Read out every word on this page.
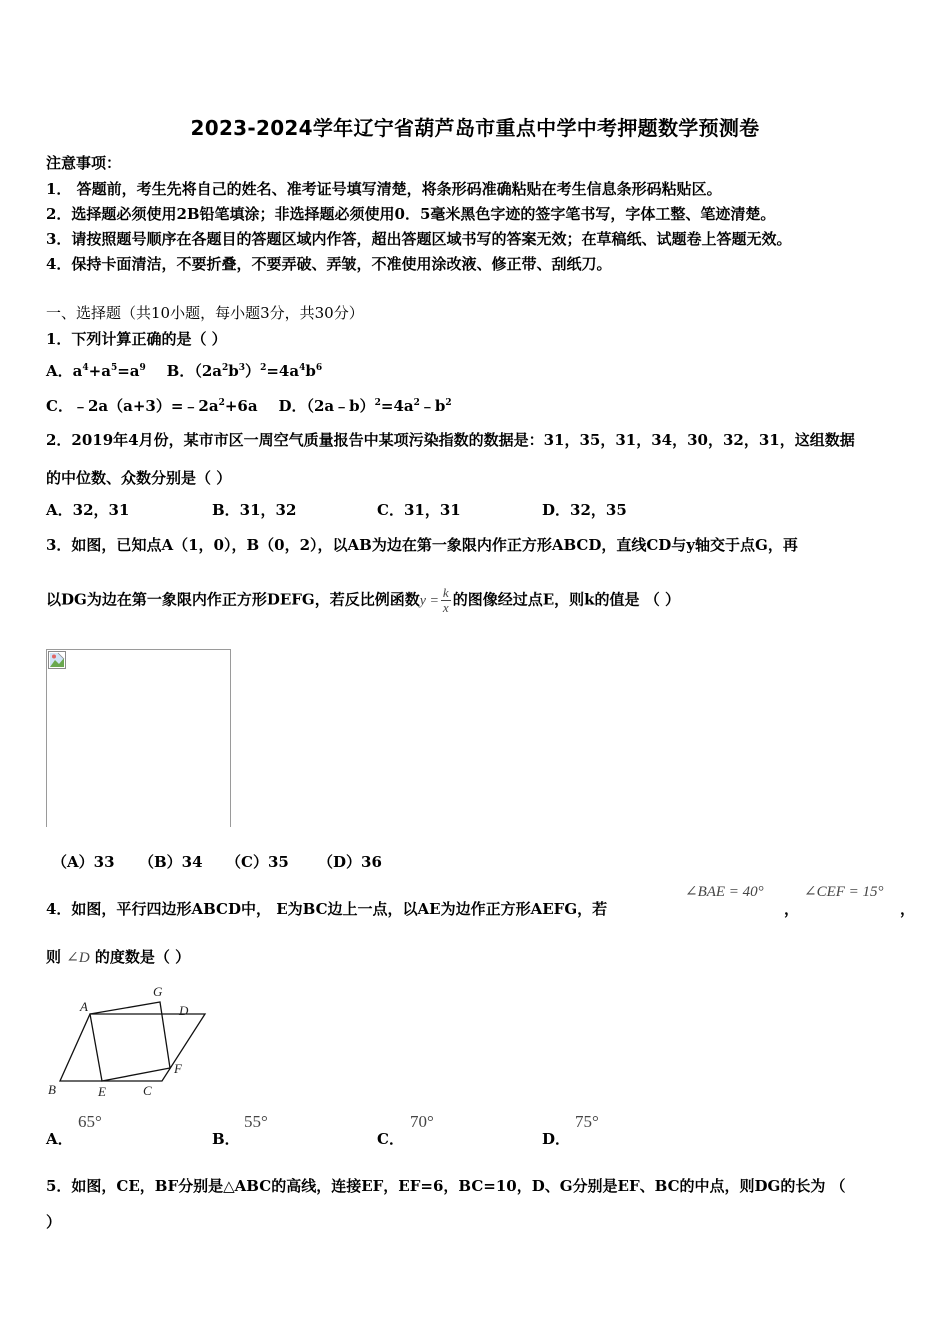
2023-2024学年辽宁省葫芦岛市重点中学中考押题数学预测卷
注意事项：
1． 答题前，考生先将自己的姓名、准考证号填写清楚，将条形码准确粘贴在考生信息条形码粘贴区。
2．选择题必须使用2B铅笔填涂；非选择题必须使用0．5毫米黑色字迹的签字笔书写，字体工整、笔迹清楚。
3．请按照题号顺序在各题目的答题区域内作答，超出答题区域书写的答案无效；在草稿纸、试题卷上答题无效。
4．保持卡面清洁，不要折叠，不要弄破、弄皱，不准使用涂改液、修正带、刮纸刀。
一、选择题（共10小题，每小题3分，共30分）
1．下列计算正确的是（ ）
A．$a^4+a^5=a^9$ B．$(2a^2b^3)^2=4a^4b^6$
C．$﹣2a(a+3)=﹣2a^2+6a$ D．$(2a﹣b)^2=4a^2﹣b^2$
2．2019年4月份，某市市区一周空气质量报告中某项污染指数的数据是：31，35，31，34，30，32，31，这组数据
的中位数、众数分别是（ ）
A．32，31	B．31，32	C．31，31	D．32，35
3．如图，已知点A（1，0），B（0，2），以AB为边在第一象限内作正方形ABCD，直线CD与y轴交于点G，再
以DG为边在第一象限内作正方形DEFG，若反比例函数$y = \frac{k}{x}$ 的图像经过点E，则k的值是 （ ）
（A）33 （B）34 （C）35 （D）36
4．如图，平行四边形ABCD中， E为BC边上一点，以AE为边作正方形AEFG，若
∠BAE = 40°
，
∠CEF = 15°
，
则 ∠D 的度数是（ ）
A
G
D
B	E	C
F
A．
65°
B．
55°
C．
70°
D．
75°
5．如图，CE，BF分别是△ABC的高线，连接EF，EF=6，BC=10，D、G分别是EF、BC的中点，则DG的长为 （
）
